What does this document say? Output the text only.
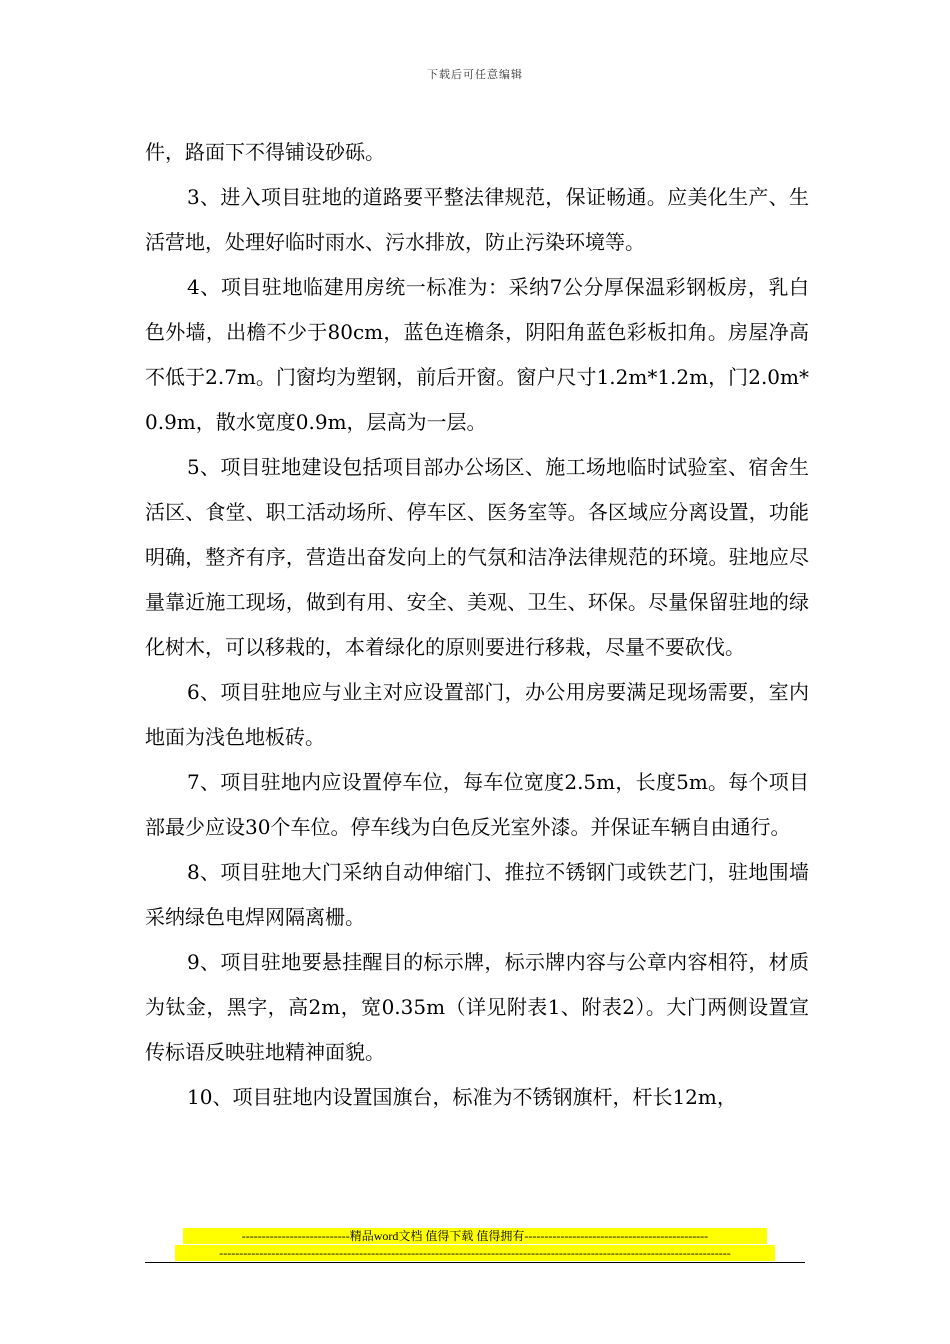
下载后可任意编辑

件，路面下不得铺设砂砾。

3、进入项目驻地的道路要平整法律规范，保证畅通。应美化生产、生活营地，处理好临时雨水、污水排放，防止污染环境等。

4、项目驻地临建用房统一标准为：采纳7公分厚保温彩钢板房，乳白色外墙，出檐不少于80cm，蓝色连檐条，阴阳角蓝色彩板扣角。房屋净高不低于2.7m。门窗均为塑钢，前后开窗。窗户尺寸1.2m*1.2m，门2.0m*0.9m，散水宽度0.9m，层高为一层。

5、项目驻地建设包括项目部办公场区、施工场地临时试验室、宿舍生活区、食堂、职工活动场所、停车区、医务室等。各区域应分离设置，功能明确，整齐有序，营造出奋发向上的气氛和洁净法律规范的环境。驻地应尽量靠近施工现场，做到有用、安全、美观、卫生、环保。尽量保留驻地的绿化树木，可以移栽的，本着绿化的原则要进行移栽，尽量不要砍伐。

6、项目驻地应与业主对应设置部门，办公用房要满足现场需要，室内地面为浅色地板砖。

7、项目驻地内应设置停车位，每车位宽度2.5m，长度5m。每个项目部最少应设30个车位。停车线为白色反光室外漆。并保证车辆自由通行。

8、项目驻地大门采纳自动伸缩门、推拉不锈钢门或铁艺门，驻地围墙采纳绿色电焊网隔离栅。

9、项目驻地要悬挂醒目的标示牌，标示牌内容与公章内容相符，材质为钛金，黑字，高2m，宽0.35m（详见附表1、附表2）。大门两侧设置宣传标语反映驻地精神面貌。

10、项目驻地内设置国旗台，标准为不锈钢旗杆，杆长12m，

---------------------------精品word文档 值得下载 值得拥有----------------------------------------------
--------------------------------------------------------------------------------------------------------------------------------
